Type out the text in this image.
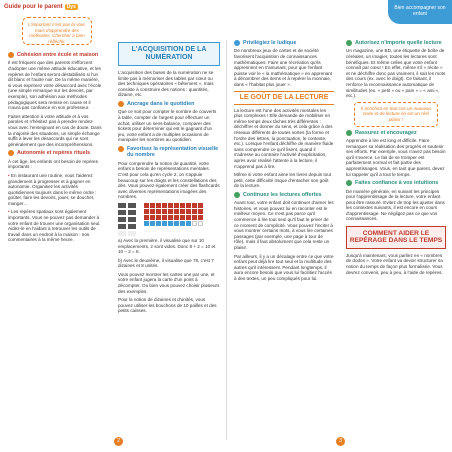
Guide pour le parent Dys	Bien accompagner son enfant
L'important n'est pas la voie, mais d'apprendre des méthodes. Chercher à bien réfléchir.
Cohésion entre école et maison

Il est fréquent que des parents s'efforcent d'adopter une même attitude éducative, et les repères de l'enfant seront déstabilisés si l'un dit blanc et l'autre noir. De la même manière, si vous exprimez votre désaccord avec l'école (une simple remarque sur les devoirs, par exemple), son adhésion aux méthodes pédagogiques sera remise en cause et il n'aura pas confiance en son professeur.

Faites attention à votre attitude et à vos paroles et n'hésitez pas à prendre rendez-vous avec l'enseignant en cas de doute. Dans la majorité des situations, un simple échange suffit à lever les désaccords qui ne sont généralement que des incompréhensions.

Autonomie et repères rituels

À cet âge, les enfants ont besoin de repères importants :

• En instaurant une routine, vous l'aiderez grandement à progresser et à gagner en autonomie. Organisez les activités quotidiennes toujours dans le même ordre : goûter, faire les devoirs, jouer, se doucher, manger...

• Les repères spatiaux sont également importants. Vous ne pouvez pas demander à votre enfant de trouver une organisation seul. Aidez-le en l'aidant à retrouver les outils de travail dans un endroit à la maison : nos commentaires à la même heure.

L'ACQUISITION DE LA NUMÉRATION

L'acquisition des bases de la numération ne se limite pas à mémoriser des tables par cœur ou des techniques opératoires « bêtement », mais consiste à construire des notions : quantités, dizaine, etc.

Ancrage dans le quotidien

Que ce soit pour compter le nombre de couverts à table, compter de l'argent pour effectuer un achat, utiliser un sens-balance, comparer des tickets pour déterminer qui est le gagnant d'un jeu, votre enfant a de multiples occasions de manipuler les nombres au quotidien.

Favorisez la représentation visuelle du nombre

Pour comprendre la notion de quantité, votre enfant a besoin de représentations mentales. C'est pour cela qu'en cycle 2, on s'appuie beaucoup sur les doigts et les constellations des dés. Vous pouvez également créer des flashcards avec diverses représentations imagées des nombres.

a) Avec la première, il visualise que sur 10 emplacements, 2 sont vides. Donc 8 + 2 = 10 et 10 – 2 = 8.

b) Avec le deuxième, il visualise que 78, c'est 7 dizaines et 8 unités.

Vous pouvez montrer les cartes une par une, et votre enfant jugera la carte d'un point à décompter. Ou bien vous pouvez choisir plusieurs des exemples.

Pour la notion de dizaines et d'unités, vous pouvez utiliser les bouchons de 10 pailles et des petits caisses.

Privilégiez le ludique

De nombreux jeux de cartes et de société favorisent l'acquisition de connaissances mathématiques. Faire une récréation qu'ils apprennent en s'amusant, pour que l'enfant puisse voir le « la mathématique » en apprenant à dénombrer des items et à repérer la monnaie, dans « l'habitat plus jouer ».

LE GOÛT DE LA LECTURE

La lecture est l'une des activités mentales les plus complexes ! Elle demande de mobiliser en même temps deux tâches très différentes : déchiffrer et donner du sens, et cela grâce à des réseaux différents de toutes sortes (la forme et l'ordre des lettres, la ponctuation, le contexte, etc.). Lorsque l'enfant déchiffre de manière fluide sans comprendre ce qu'il lisent, quand il s'adresse au contraire l'activité d'explicitation, après avoir réalisé l'attente à la lecture, il n'apprend pas à lire.

Même si votre enfant aime les livres depuis tout petit, cette difficulté risque d'entacher son goût de la lecture.

Continuez les lectures offertes

Avant tout, votre enfant doit continuer d'aimer les histoires, et vous pouvez lui en raconter est le meilleur moyen. Ce n'est pas parce qu'il commence à lire tout seul qu'il faut le priver de ce moment de complicité. Vous pouvez l'inciter à vous montrer certains mots, à vous lire certaines passages (par exemple, une page à tour de rôle), mais il faut absolument que cela reste un plaisir.

Par ailleurs, il y a un décalage entre ce que votre enfant peut déjà lire tout seul et la multitude des autres qu'il intéressent. Pendant longtemps, il aura encore besoin que vous lui facilitiez l'accès à des textes, un peu compliqués pour lui.

Autorisez n'importe quelle lecture

Un magazine, une BD, une étiquette de boîte de céréales, un imagier, toutes les lectures sont bénéfiques. Et même celles que votre enfant connaît par cœur ! En effet, même s'il « récite » et ne déchiffre donc pas vraiment, il sait les mots des cours (ex. avec le doigt). Ce faisant, il renforce la reconnaissance automatique de similitudes (ex. « petit » ou « pain » = « ami », etc.).

Il enrichira en tout cas un nouveau texte et de lecture en est un réel plaisir !
Rassurez et encouragez

Apprendre à lire est long et difficile. Faire remarquer sa réalisation des progrès et soutenir ses efforts. Par exemple, vous n'avez pas besoin qu'il s'exerce. Le fait de se tromper est parfaitement normal et fait partie des apprentissages. Vous, en tant que parent, devez lui rappeler qu'il a tout le temps.

Faites confiance à vos intuitions

De manière générale, en suivant les principes pour l'apprentissage de la lecture, votre enfant peut être rassuré. Evitez de trop les ajuster dans les contextes suivants, il est encore en cours d'apprentissage. Ne négligez pas ce que vos connaissances.

COMMENT AIDER LE REPÉRAGE DANS LE TEMPS

Jusqu'à maintenant, vous parliez en « nombres de dodos ». Votre enfant va devoir structurer sa notion du temps de façon plus formalisée. Vous devrez convenir, peu à peu, à l'aide de repères.

2	3
